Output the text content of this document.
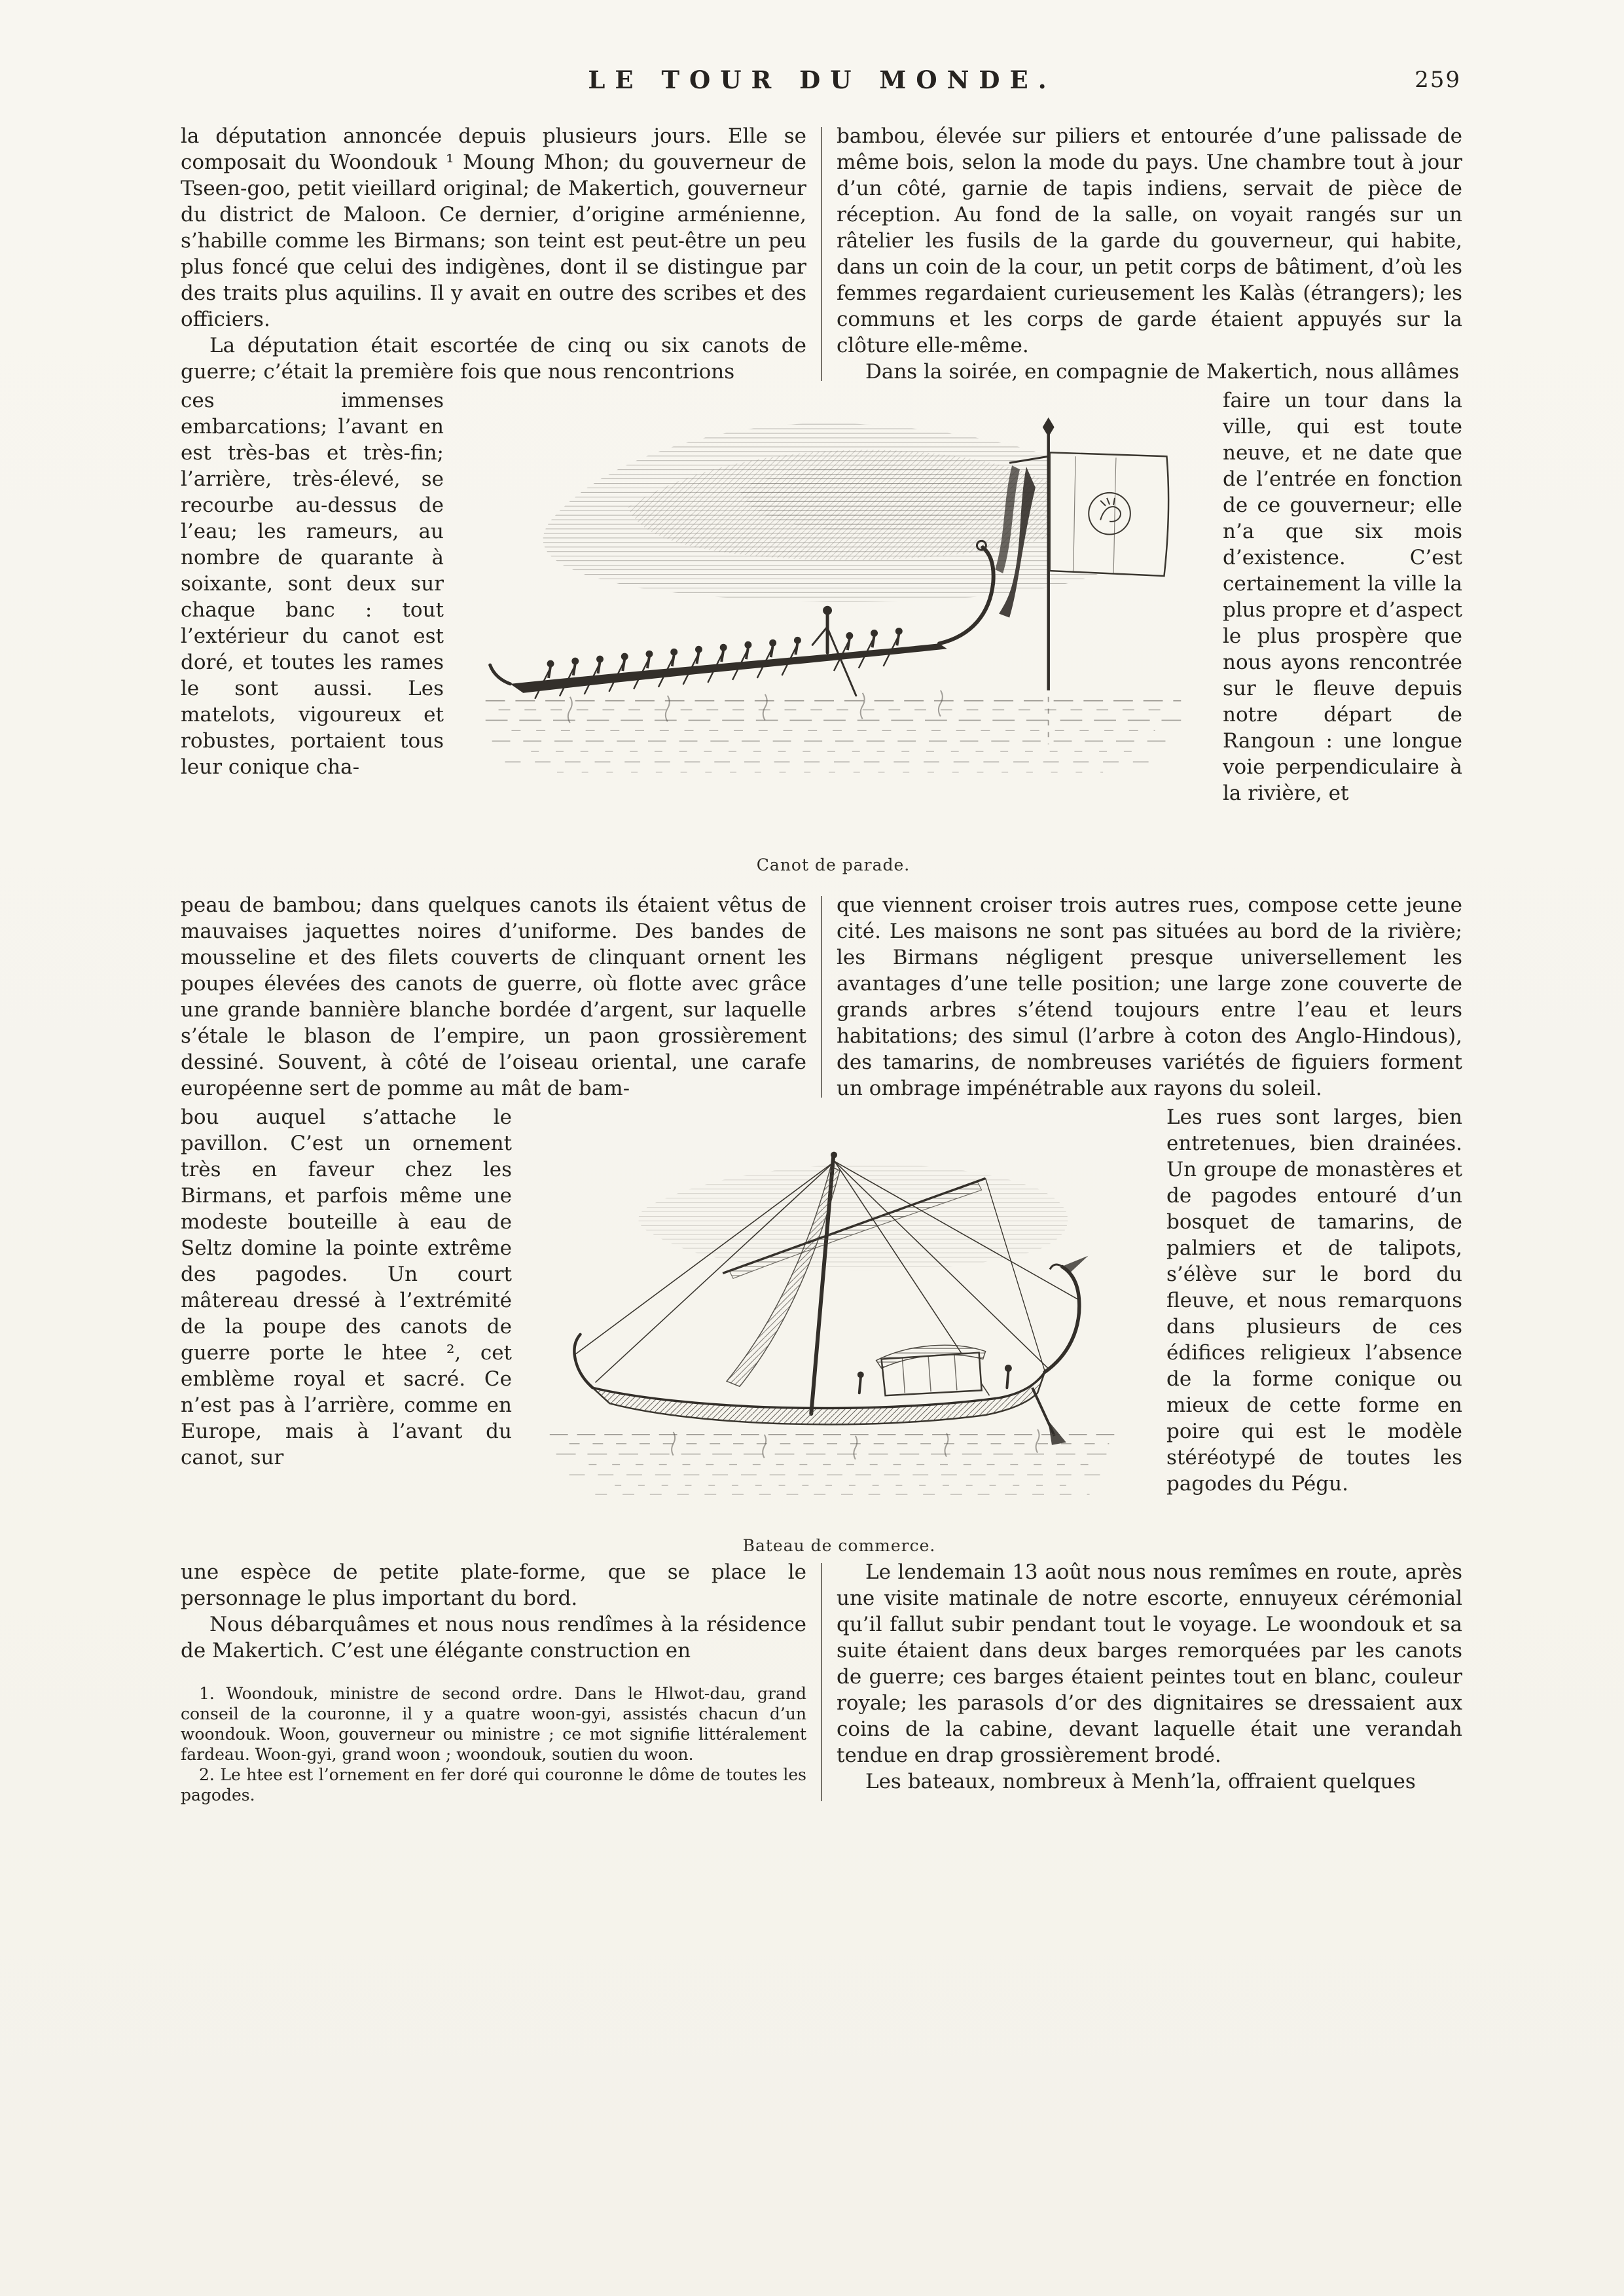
LE TOUR DU MONDE.	259

la députation annoncée depuis plusieurs jours. Elle se composait du Woondouk ¹ Moung Mhon; du gouverneur de Tseen-goo, petit vieillard original; de Makertich, gouverneur du district de Maloon. Ce dernier, d’origine arménienne, s’habille comme les Birmans; son teint est peut-être un peu plus foncé que celui des indigènes, dont il se distingue par des traits plus aquilins. Il y avait en outre des scribes et des officiers.

La députation était escortée de cinq ou six canots de guerre; c’était la première fois que nous rencontrions

bambou, élevée sur piliers et entourée d’une palissade de même bois, selon la mode du pays. Une chambre tout à jour d’un côté, garnie de tapis indiens, servait de pièce de réception. Au fond de la salle, on voyait rangés sur un râtelier les fusils de la garde du gouverneur, qui habite, dans un coin de la cour, un petit corps de bâtiment, d’où les femmes regardaient curieusement les Kalàs (étrangers); les communs et les corps de garde étaient appuyés sur la clôture elle-même.

Dans la soirée, en compagnie de Makertich, nous allâmes

ces immenses embarcations; l’avant en est très-bas et très-fin; l’arrière, très-élevé, se recourbe au-dessus de l’eau; les rameurs, au nombre de quarante à soixante, sont deux sur chaque banc : tout l’extérieur du canot est doré, et toutes les rames le sont aussi. Les matelots, vigoureux et robustes, portaient tous leur conique cha-

Canot de parade.

faire un tour dans la ville, qui est toute neuve, et ne date que de l’entrée en fonction de ce gouverneur; elle n’a que six mois d’existence. C’est certainement la ville la plus propre et d’aspect le plus prospère que nous ayons rencontrée sur le fleuve depuis notre départ de Rangoun : une longue voie perpendiculaire à la rivière, et

peau de bambou; dans quelques canots ils étaient vêtus de mauvaises jaquettes noires d’uniforme. Des bandes de mousseline et des filets couverts de clinquant ornent les poupes élevées des canots de guerre, où flotte avec grâce une grande bannière blanche bordée d’argent, sur laquelle s’étale le blason de l’empire, un paon grossièrement dessiné. Souvent, à côté de l’oiseau oriental, une carafe européenne sert de pomme au mât de bam-

que viennent croiser trois autres rues, compose cette jeune cité. Les maisons ne sont pas situées au bord de la rivière; les Birmans négligent presque universellement les avantages d’une telle position; une large zone couverte de grands arbres s’étend toujours entre l’eau et leurs habitations; des simul (l’arbre à coton des Anglo-Hindous), des tamarins, de nombreuses variétés de figuiers forment un ombrage impénétrable aux rayons du soleil.

bou auquel s’attache le pavillon. C’est un ornement très en faveur chez les Birmans, et parfois même une modeste bouteille à eau de Seltz domine la pointe extrême des pagodes. Un court mâtereau dressé à l’extrémité de la poupe des canots de guerre porte le htee ², cet emblème royal et sacré. Ce n’est pas à l’arrière, comme en Europe, mais à l’avant du canot, sur

Bateau de commerce.

Les rues sont larges, bien entretenues, bien drainées. Un groupe de monastères et de pagodes entouré d’un bosquet de tamarins, de palmiers et de talipots, s’élève sur le bord du fleuve, et nous remarquons dans plusieurs de ces édifices religieux l’absence de la forme conique ou mieux de cette forme en poire qui est le modèle stéréotypé de toutes les pagodes du Pégu.

une espèce de petite plate-forme, que se place le personnage le plus important du bord.

Nous débarquâmes et nous nous rendîmes à la résidence de Makertich. C’est une élégante construction en

1. Woondouk, ministre de second ordre. Dans le Hlwot-dau, grand conseil de la couronne, il y a quatre woon-gyi, assistés chacun d’un woondouk. Woon, gouverneur ou ministre ; ce mot signifie littéralement fardeau. Woon-gyi, grand woon ; woondouk, soutien du woon.

2. Le htee est l’ornement en fer doré qui couronne le dôme de toutes les pagodes.

Le lendemain 13 août nous nous remîmes en route, après une visite matinale de notre escorte, ennuyeux cérémonial qu’il fallut subir pendant tout le voyage. Le woondouk et sa suite étaient dans deux barges remorquées par les canots de guerre; ces barges étaient peintes tout en blanc, couleur royale; les parasols d’or des dignitaires se dressaient aux coins de la cabine, devant laquelle était une verandah tendue en drap grossièrement brodé.

Les bateaux, nombreux à Menh’la, offraient quelques
